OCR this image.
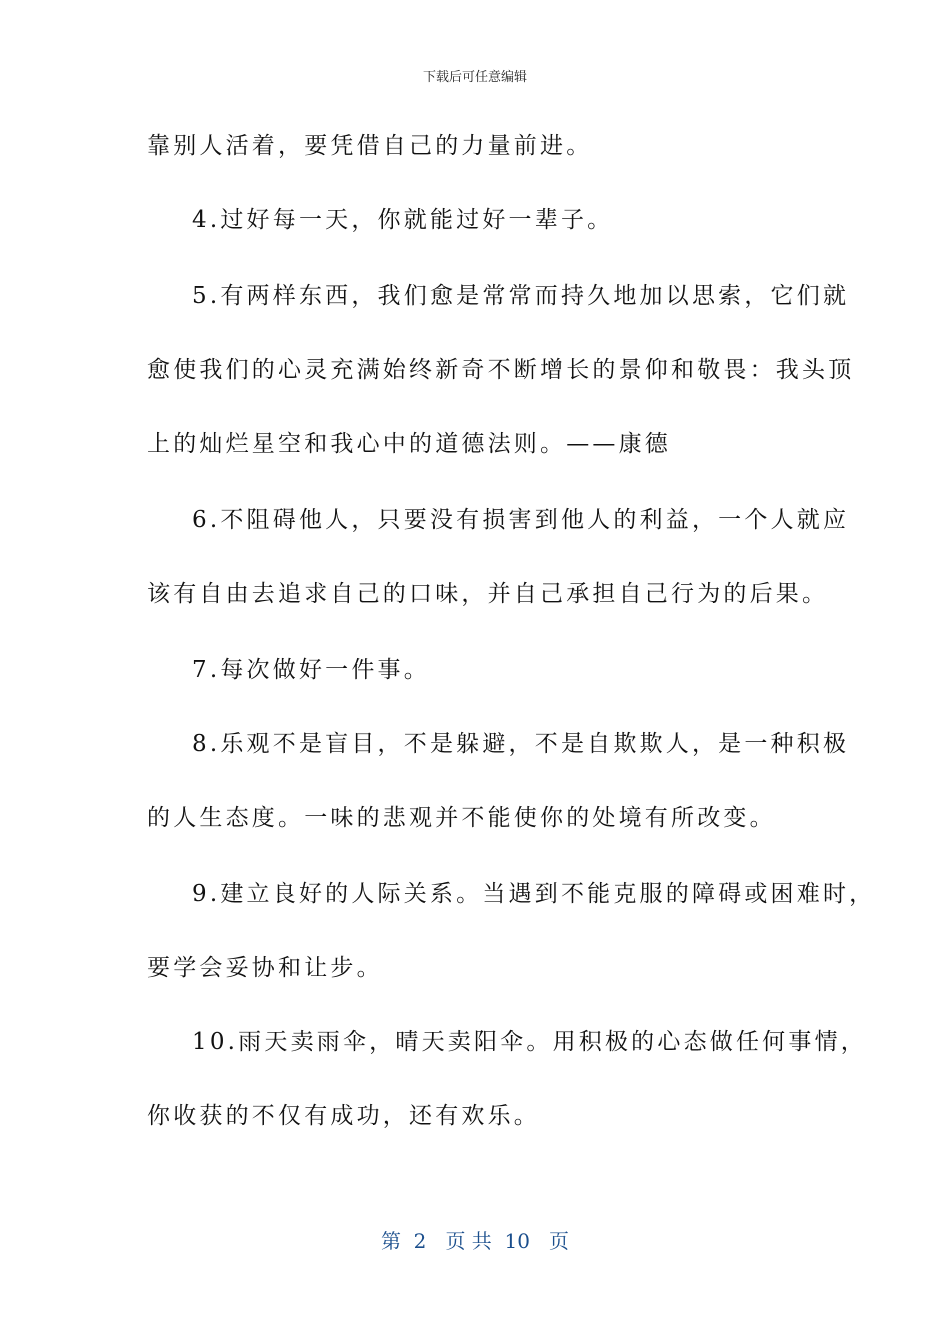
下载后可任意编辑
靠别人活着，要凭借自己的力量前进。
4.过好每一天，你就能过好一辈子。
5.有两样东西，我们愈是常常而持久地加以思索，它们就
愈使我们的心灵充满始终新奇不断增长的景仰和敬畏：我头顶
上的灿烂星空和我心中的道德法则。——康德
6.不阻碍他人，只要没有损害到他人的利益，一个人就应
该有自由去追求自己的口味，并自己承担自己行为的后果。
7.每次做好一件事。
8.乐观不是盲目，不是躲避，不是自欺欺人，是一种积极
的人生态度。一味的悲观并不能使你的处境有所改变。
9.建立良好的人际关系。当遇到不能克服的障碍或困难时，
要学会妥协和让步。
10.雨天卖雨伞，晴天卖阳伞。用积极的心态做任何事情，
你收获的不仅有成功，还有欢乐。
第  2   页 共  10   页
